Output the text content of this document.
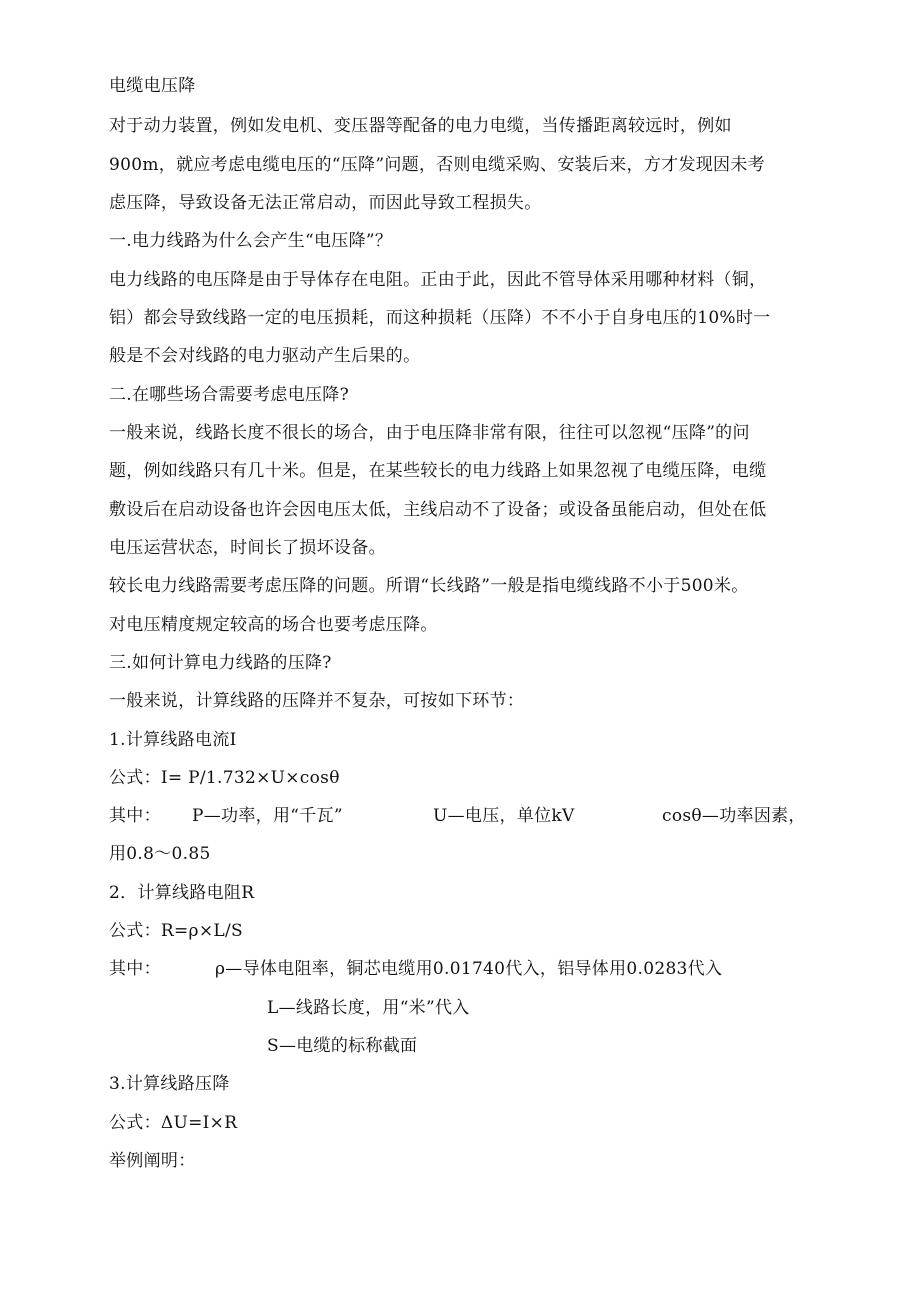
电缆电压降
对于动力装置，例如发电机、变压器等配备的电力电缆，当传播距离较远时，例如
900m，就应考虑电缆电压的“压降”问题，否则电缆采购、安装后来，方才发现因未考
虑压降，导致设备无法正常启动，而因此导致工程损失。
一.电力线路为什么会产生“电压降”？
电力线路的电压降是由于导体存在电阻。正由于此，因此不管导体采用哪种材料（铜，
铝）都会导致线路一定的电压损耗，而这种损耗（压降）不不小于自身电压的10%时一
般是不会对线路的电力驱动产生后果的。
二.在哪些场合需要考虑电压降?
一般来说，线路长度不很长的场合，由于电压降非常有限，往往可以忽视“压降”的问
题，例如线路只有几十米。但是，在某些较长的电力线路上如果忽视了电缆压降，电缆
敷设后在启动设备也许会因电压太低，主线启动不了设备；或设备虽能启动，但处在低
电压运营状态，时间长了损坏设备。
较长电力线路需要考虑压降的问题。所谓“长线路”一般是指电缆线路不小于500米。
对电压精度规定较高的场合也要考虑压降。
三.如何计算电力线路的压降?
一般来说，计算线路的压降并不复杂，可按如下环节：
1.计算线路电流I
公式：I= P/1.732×U×cosθ
其中： P—功率，用“千瓦”	U—电压，单位kV	cosθ—功率因素，
用0.8～0.85
2．计算线路电阻R
公式：R=ρ×L/S
其中：	ρ—导体电阻率，铜芯电缆用0.01740代入，铝导体用0.0283代入
L—线路长度，用“米”代入
S—电缆的标称截面
3.计算线路压降
公式：ΔU=I×R
举例阐明：
